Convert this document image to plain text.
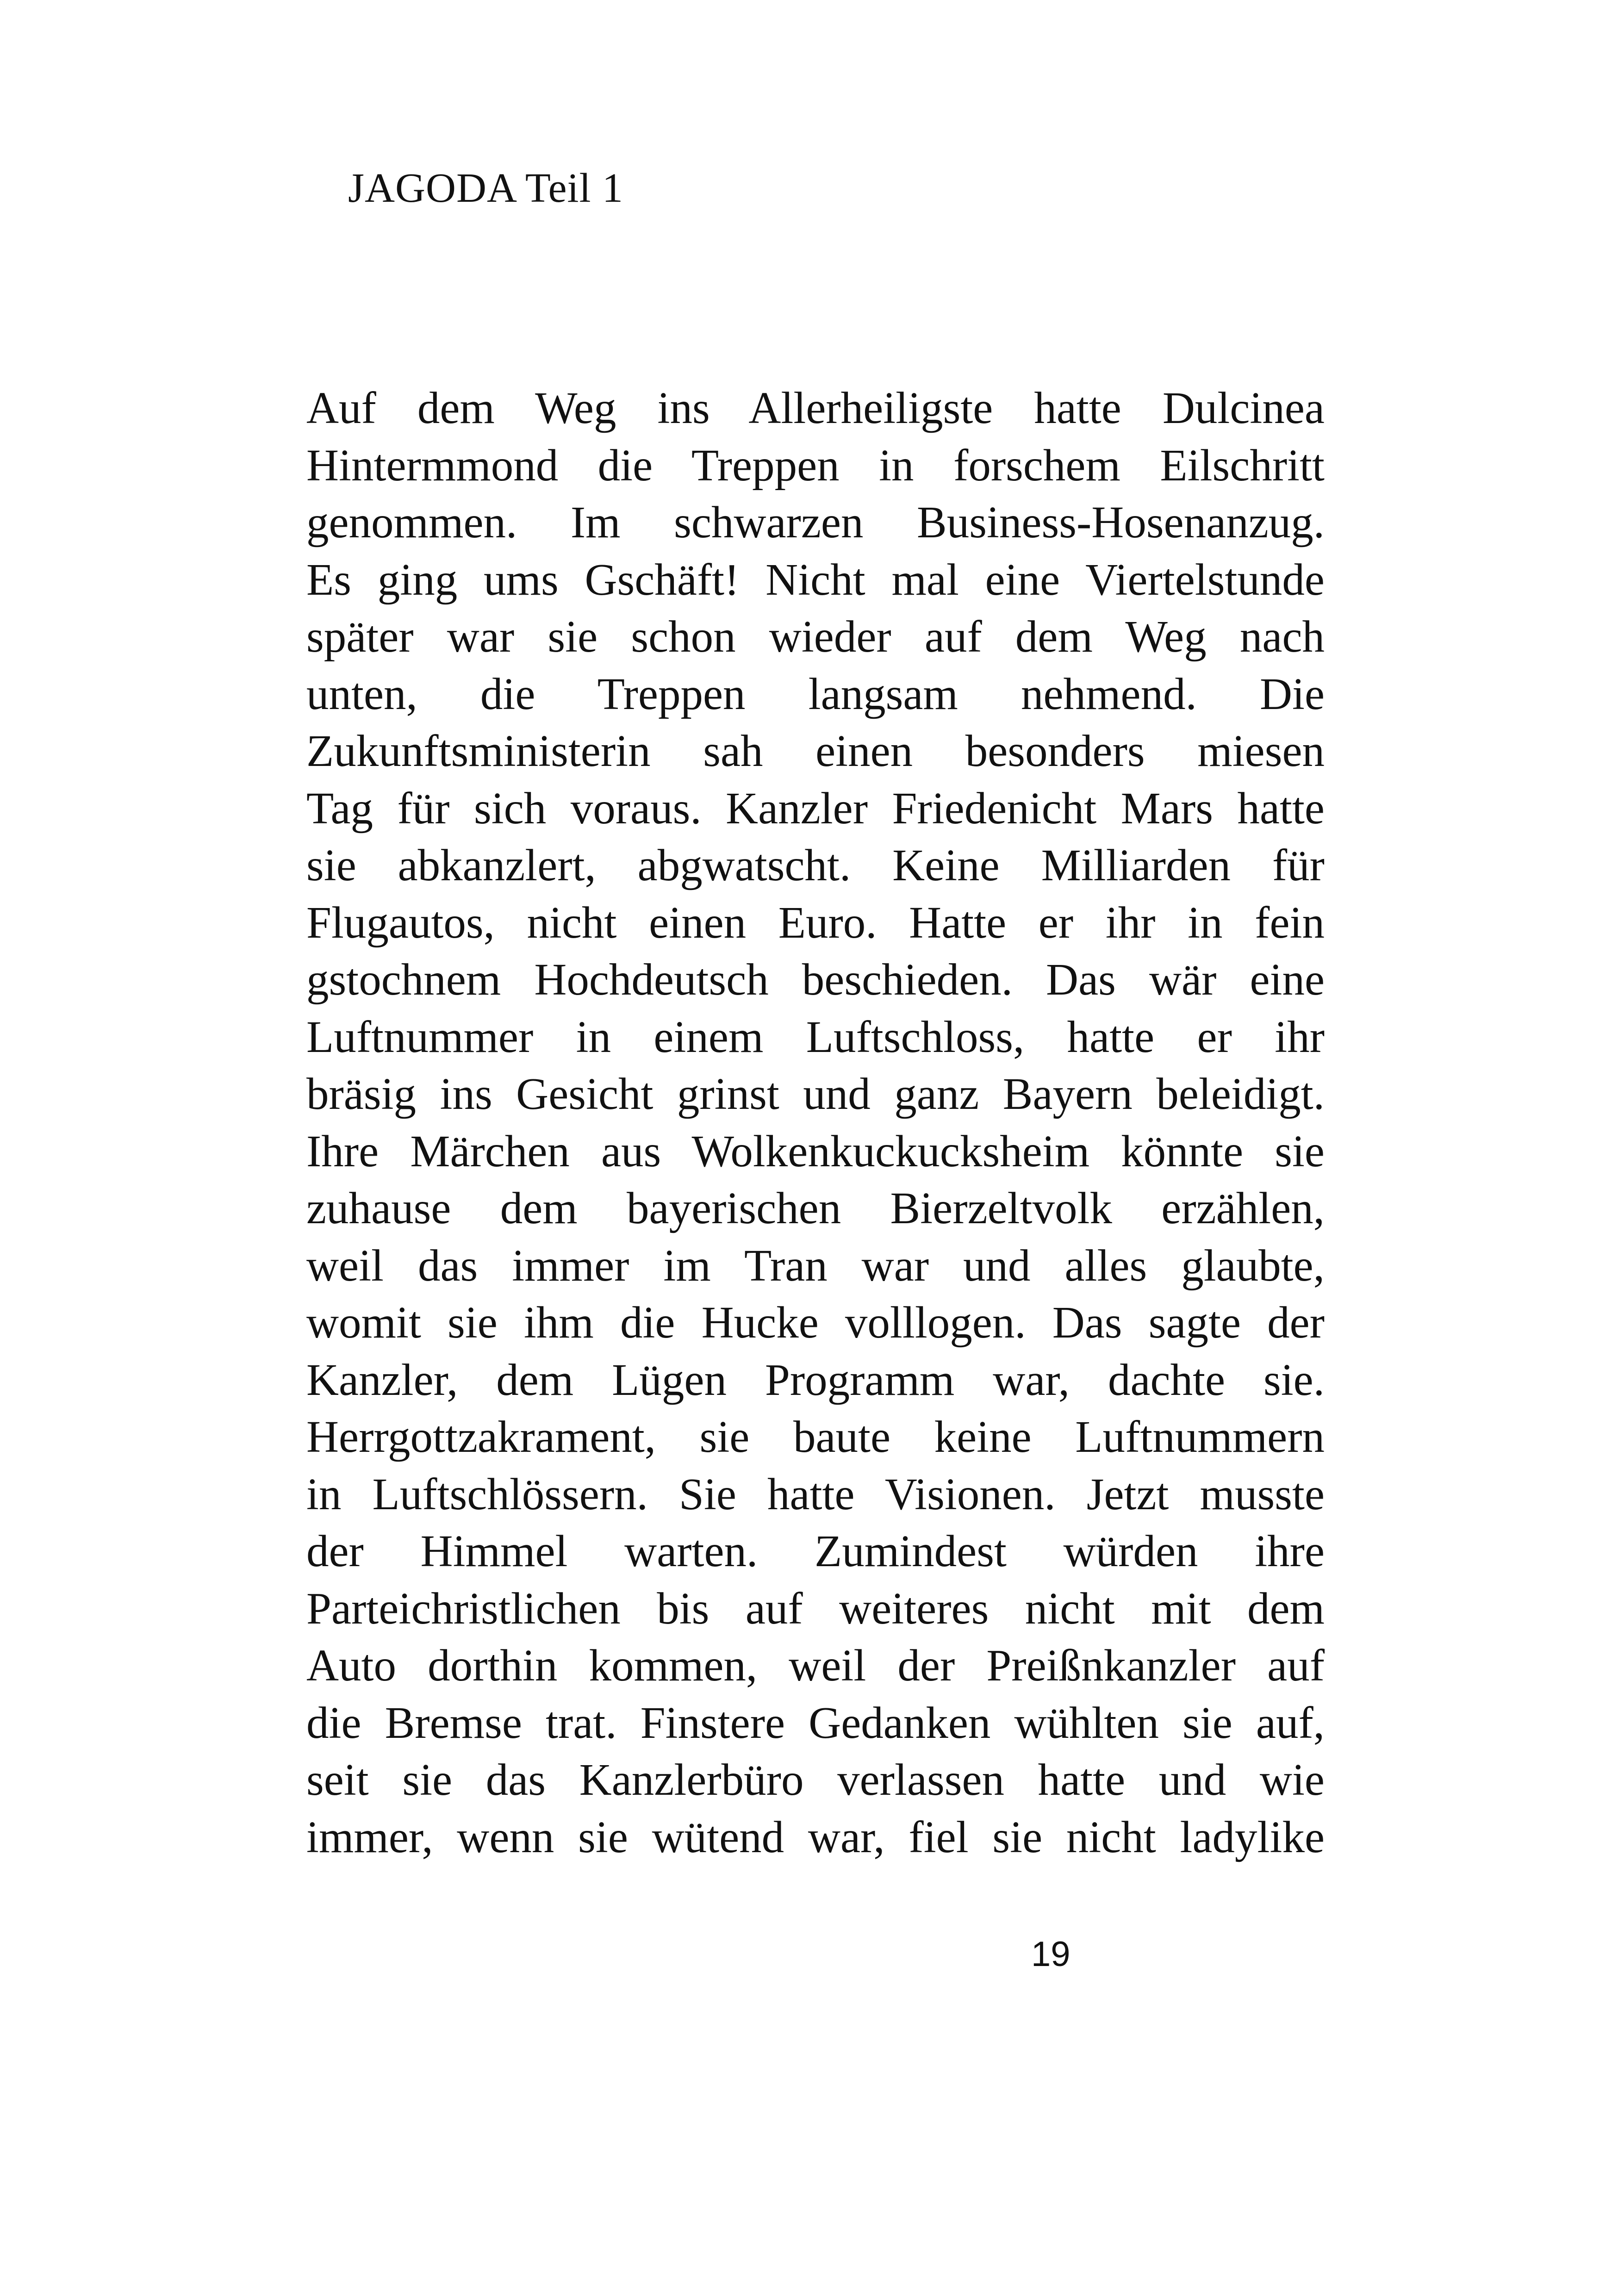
JAGODA Teil 1
Auf dem Weg ins Allerheiligste hatte Dulcinea
Hintermmond die Treppen in forschem Eilschritt
genommen. Im schwarzen Business-Hosenanzug.
Es ging ums Gschäft! Nicht mal eine Viertelstunde
später war sie schon wieder auf dem Weg nach
unten, die Treppen langsam nehmend. Die
Zukunftsministerin sah einen besonders miesen
Tag für sich voraus. Kanzler Friedenicht Mars hatte
sie abkanzlert, abgwatscht. Keine Milliarden für
Flugautos, nicht einen Euro. Hatte er ihr in fein
gstochnem Hochdeutsch beschieden. Das wär eine
Luftnummer in einem Luftschloss, hatte er ihr
bräsig ins Gesicht grinst und ganz Bayern beleidigt.
Ihre Märchen aus Wolkenkuckucksheim könnte sie
zuhause dem bayerischen Bierzeltvolk erzählen,
weil das immer im Tran war und alles glaubte,
womit sie ihm die Hucke volllogen. Das sagte der
Kanzler, dem Lügen Programm war, dachte sie.
Herrgottzakrament, sie baute keine Luftnummern
in Luftschlössern. Sie hatte Visionen. Jetzt musste
der Himmel warten. Zumindest würden ihre
Parteichristlichen bis auf weiteres nicht mit dem
Auto dorthin kommen, weil der Preißnkanzler auf
die Bremse trat. Finstere Gedanken wühlten sie auf,
seit sie das Kanzlerbüro verlassen hatte und wie
immer, wenn sie wütend war, fiel sie nicht ladylike
19
